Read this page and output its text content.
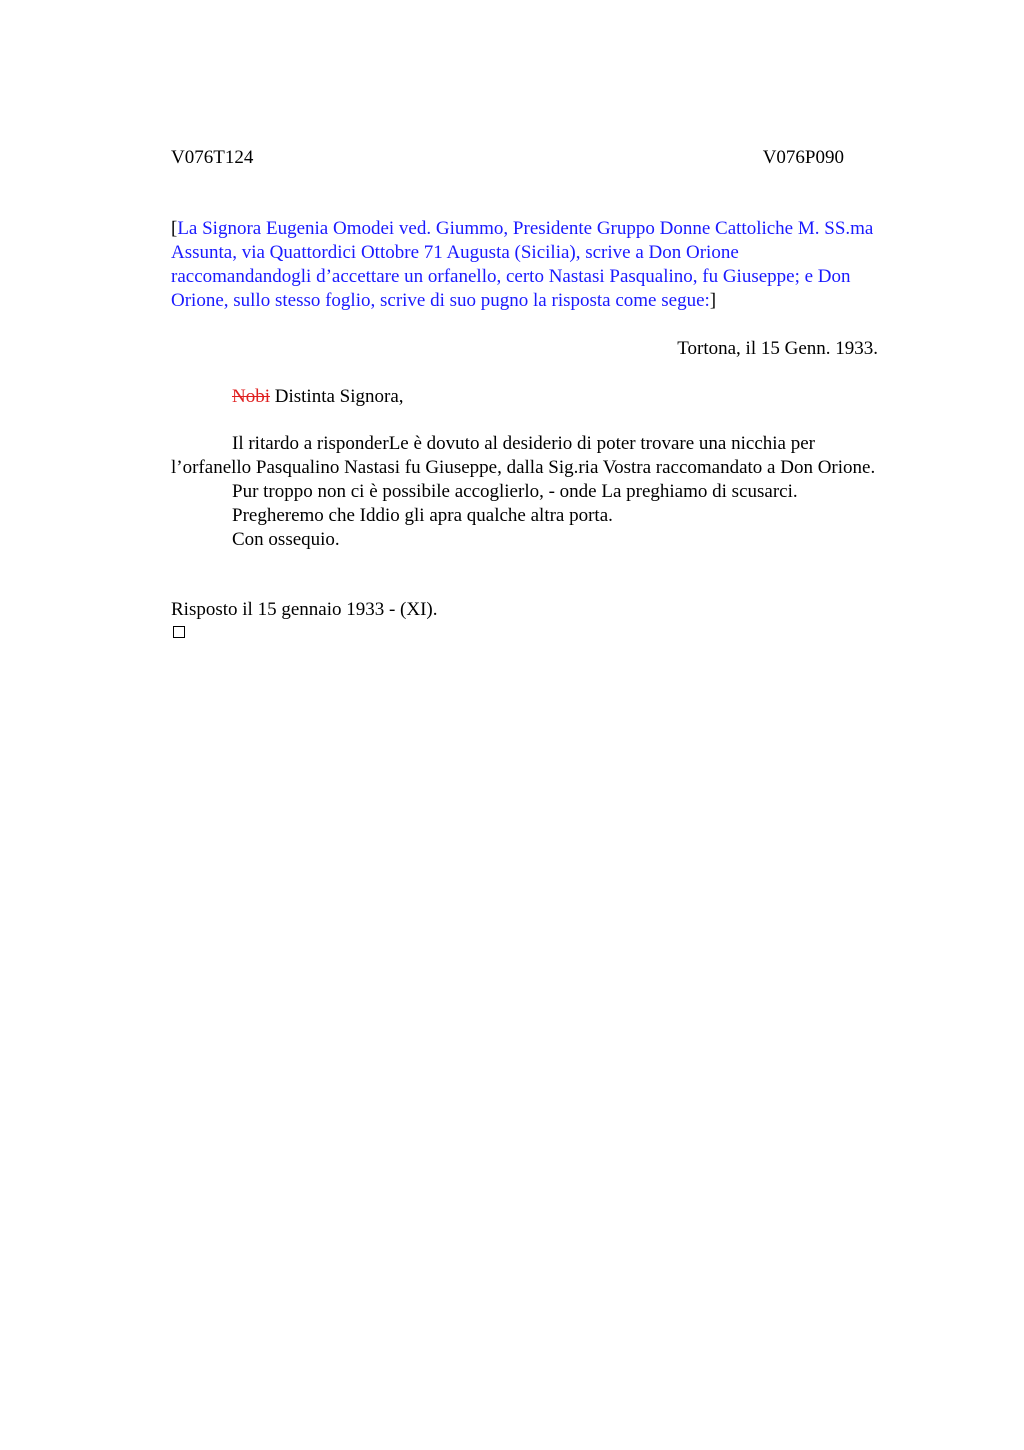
V076T124	V076P090
[La Signora Eugenia Omodei ved. Giummo, Presidente Gruppo Donne Cattoliche M. SS.ma Assunta, via Quattordici Ottobre 71 Augusta (Sicilia), scrive a Don Orione raccomandandogli d’accettare un orfanello, certo Nastasi Pasqualino, fu Giuseppe; e Don Orione, sullo stesso foglio, scrive di suo pugno la risposta come segue:]
Tortona, il 15 Genn. 1933.
Nobi Distinta Signora,

Il ritardo a risponderLe è dovuto al desiderio di poter trovare una nicchia per l’orfanello Pasqualino Nastasi fu Giuseppe, dalla Sig.ria Vostra raccomandato a Don Orione.

Pur troppo non ci è possibile accoglierlo, - onde La preghiamo di scusarci.

Pregheremo che Iddio gli apra qualche altra porta.

Con ossequio.

Risposto il 15 gennaio 1933 - (XI).
